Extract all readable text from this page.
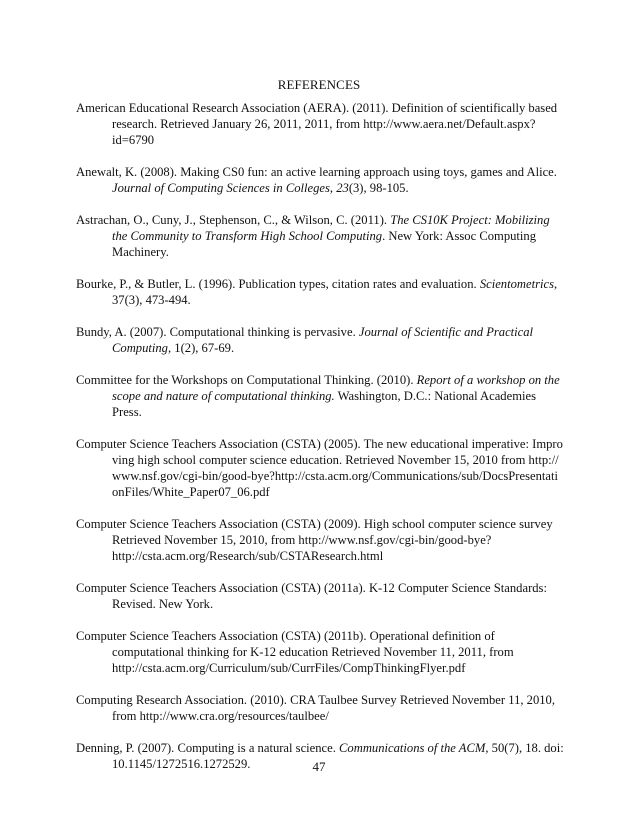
REFERENCES

American Educational Research Association (AERA). (2011). Definition of scientifically based research. Retrieved January 26, 2011, 2011, from http://www.aera.net/Default.aspx?id=6790

Anewalt, K. (2008). Making CS0 fun: an active learning approach using toys, games and Alice. Journal of Computing Sciences in Colleges, 23(3), 98-105.

Astrachan, O., Cuny, J., Stephenson, C., & Wilson, C. (2011). The CS10K Project: Mobilizing the Community to Transform High School Computing. New York: Assoc Computing Machinery.

Bourke, P., & Butler, L. (1996). Publication types, citation rates and evaluation. Scientometrics, 37(3), 473-494.

Bundy, A. (2007). Computational thinking is pervasive. Journal of Scientific and Practical Computing, 1(2), 67-69.

Committee for the Workshops on Computational Thinking. (2010). Report of a workshop on the scope and nature of computational thinking. Washington, D.C.: National Academies Press.

Computer Science Teachers Association (CSTA) (2005). The new educational imperative: Improving high school computer science education. Retrieved November 15, 2010 from http://www.nsf.gov/cgi-bin/good-bye?http://csta.acm.org/Communications/sub/DocsPresentationFiles/White_Paper07_06.pdf

Computer Science Teachers Association (CSTA) (2009). High school computer science survey Retrieved November 15, 2010, from http://www.nsf.gov/cgi-bin/good-bye?http://csta.acm.org/Research/sub/CSTAResearch.html

Computer Science Teachers Association (CSTA) (2011a). K-12 Computer Science Standards: Revised. New York.

Computer Science Teachers Association (CSTA) (2011b). Operational definition of computational thinking for K-12 education Retrieved November 11, 2011, from http://csta.acm.org/Curriculum/sub/CurrFiles/CompThinkingFlyer.pdf

Computing Research Association. (2010). CRA Taulbee Survey Retrieved November 11, 2010, from http://www.cra.org/resources/taulbee/

Denning, P. (2007). Computing is a natural science. Communications of the ACM, 50(7), 18. doi: 10.1145/1272516.1272529.	47
